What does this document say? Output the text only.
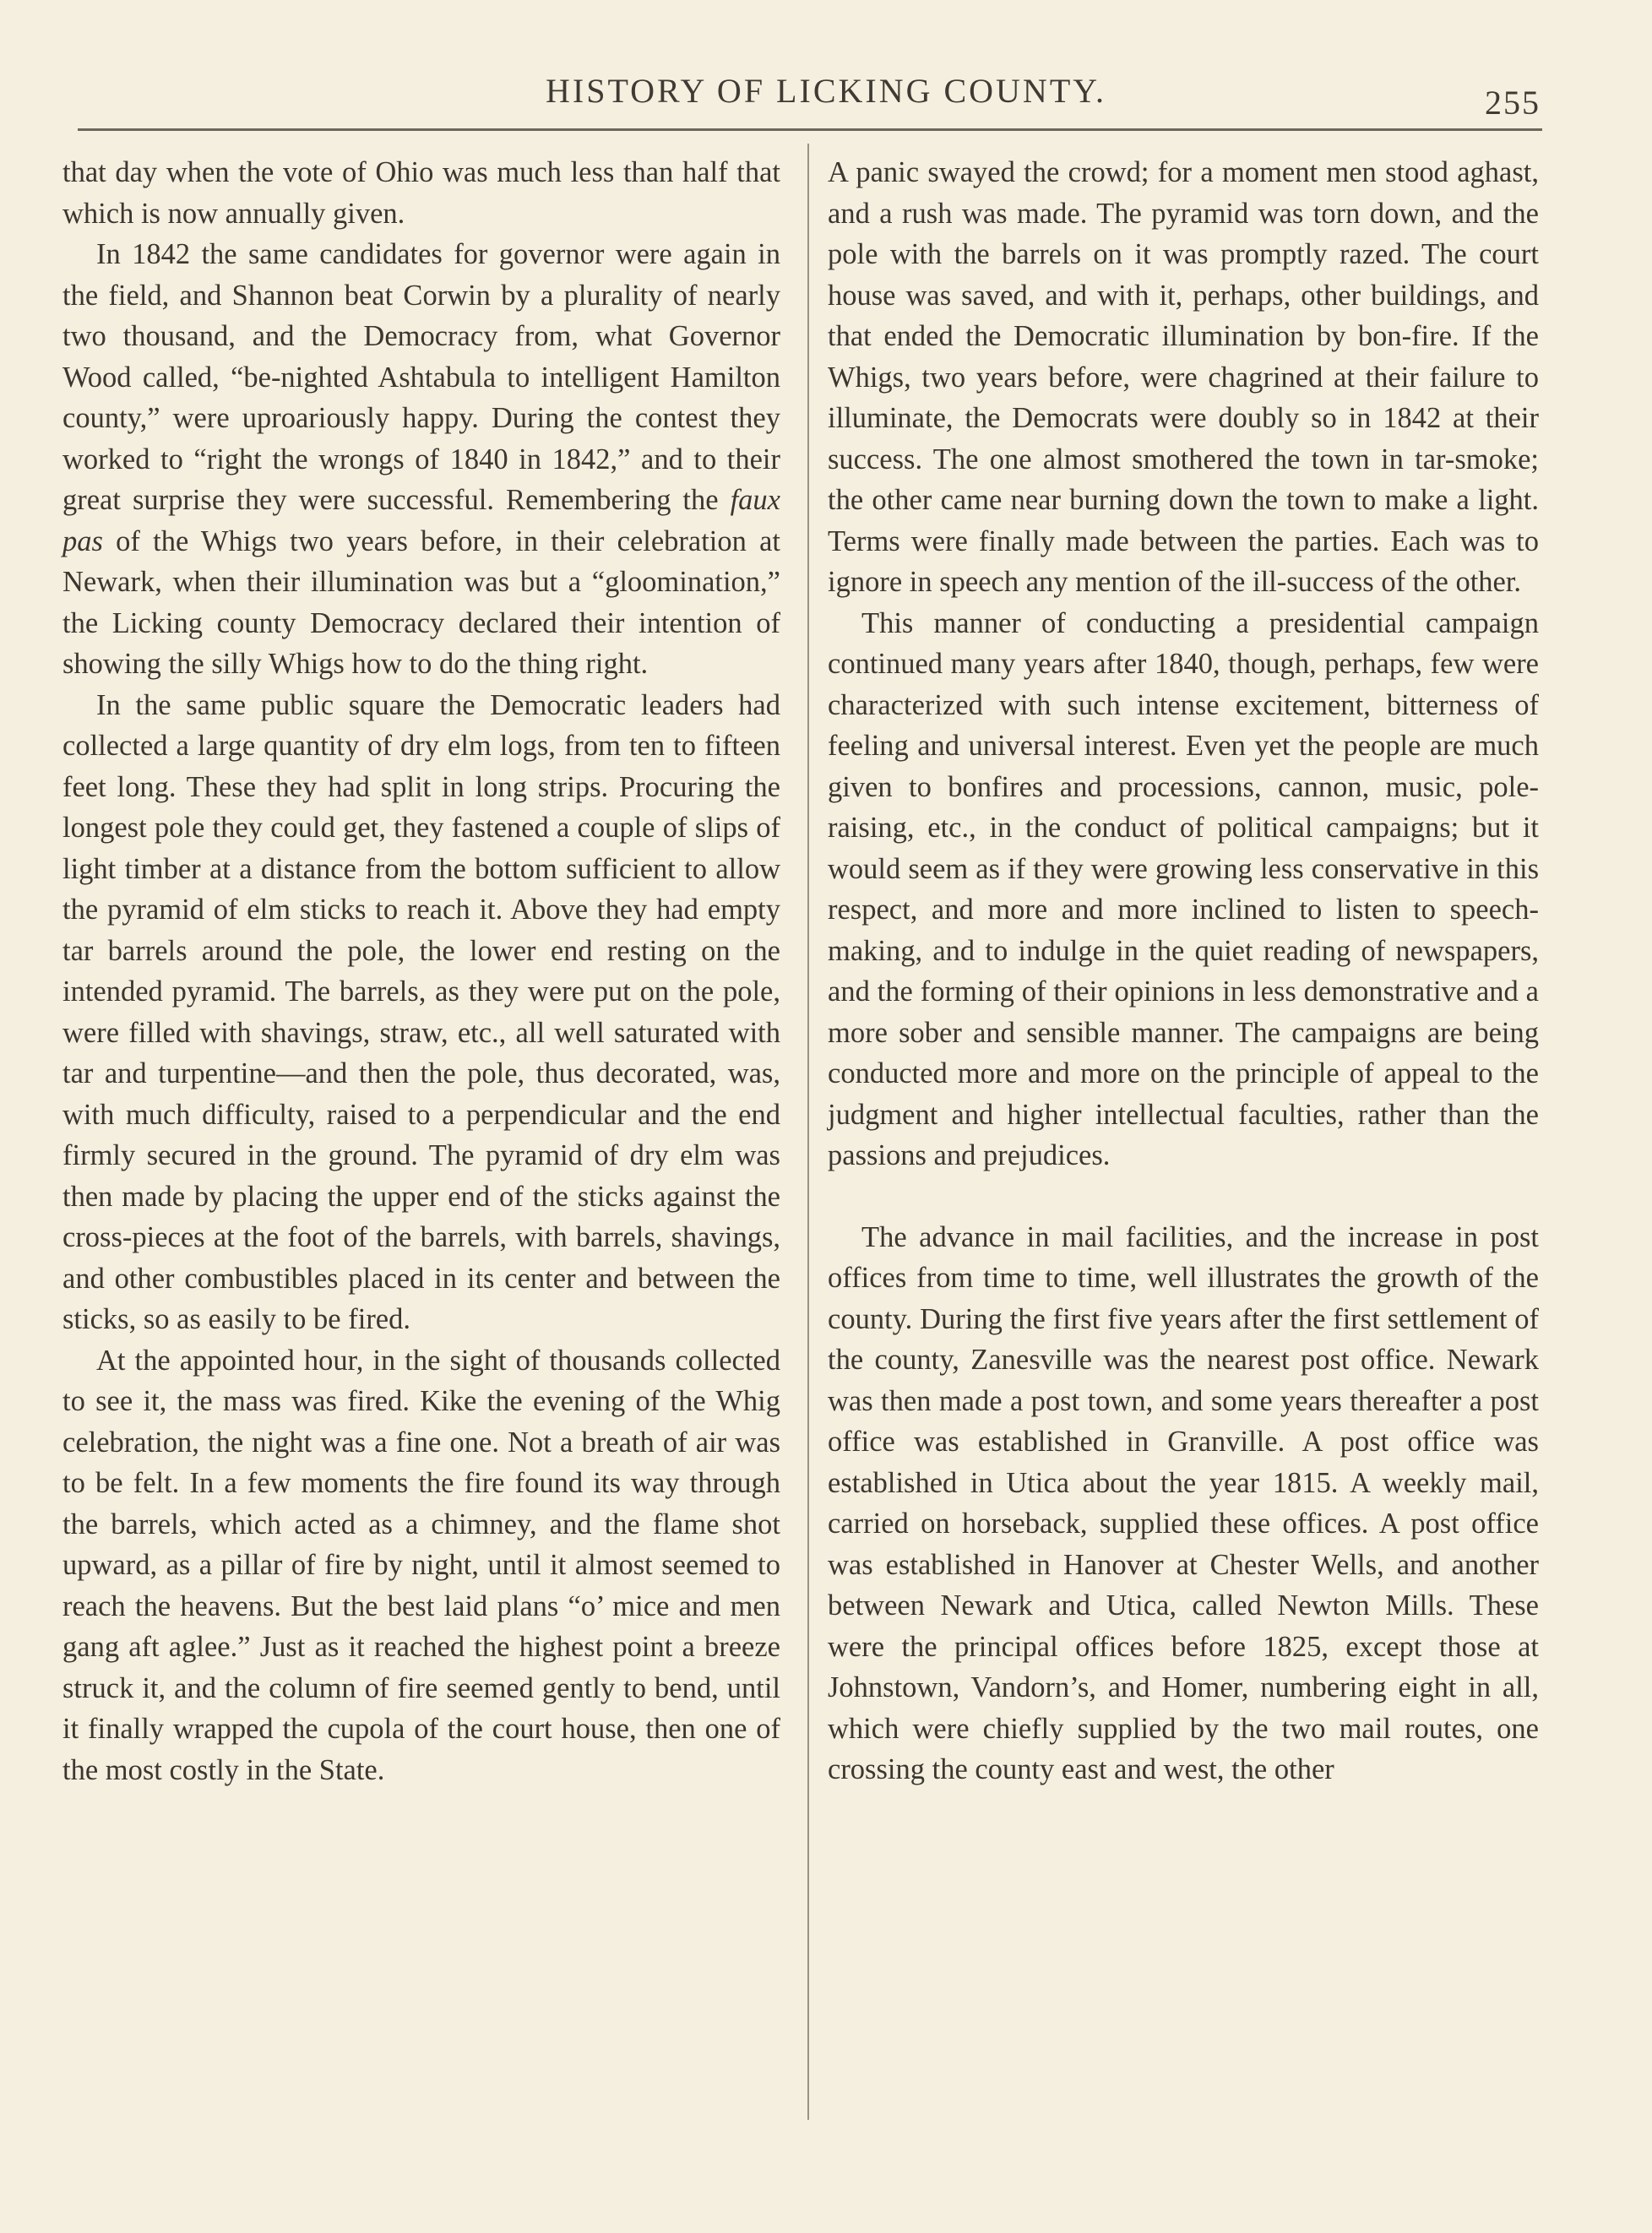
HISTORY OF LICKING COUNTY.	255

that day when the vote of Ohio was much less than half that which is now annually given.

In 1842 the same candidates for governor were again in the field, and Shannon beat Corwin by a plurality of nearly two thousand, and the Democracy from, what Governor Wood called, “be-nighted Ashtabula to intelligent Hamilton county,” were uproariously happy. During the contest they worked to “right the wrongs of 1840 in 1842,” and to their great surprise they were successful. Remembering the faux pas of the Whigs two years before, in their celebration at Newark, when their illumination was but a “gloomination,” the Licking county Democracy declared their intention of showing the silly Whigs how to do the thing right.

In the same public square the Democratic leaders had collected a large quantity of dry elm logs, from ten to fifteen feet long. These they had split in long strips. Procuring the longest pole they could get, they fastened a couple of slips of light timber at a distance from the bottom sufficient to allow the pyramid of elm sticks to reach it. Above they had empty tar barrels around the pole, the lower end resting on the intended pyramid. The barrels, as they were put on the pole, were filled with shavings, straw, etc., all well saturated with tar and turpentine—and then the pole, thus decorated, was, with much difficulty, raised to a perpendicular and the end firmly secured in the ground. The pyramid of dry elm was then made by placing the upper end of the sticks against the cross-pieces at the foot of the barrels, with barrels, shavings, and other combustibles placed in its center and between the sticks, so as easily to be fired.

At the appointed hour, in the sight of thousands collected to see it, the mass was fired. Kike the evening of the Whig celebration, the night was a fine one. Not a breath of air was to be felt. In a few moments the fire found its way through the barrels, which acted as a chimney, and the flame shot upward, as a pillar of fire by night, until it almost seemed to reach the heavens. But the best laid plans “o’ mice and men gang aft aglee.” Just as it reached the highest point a breeze struck it, and the column of fire seemed gently to bend, until it finally wrapped the cupola of the court house, then one of the most costly in the State.

A panic swayed the crowd; for a moment men stood aghast, and a rush was made. The pyramid was torn down, and the pole with the barrels on it was promptly razed. The court house was saved, and with it, perhaps, other buildings, and that ended the Democratic illumination by bon-fire. If the Whigs, two years before, were chagrined at their failure to illuminate, the Democrats were doubly so in 1842 at their success. The one almost smothered the town in tar-smoke; the other came near burning down the town to make a light. Terms were finally made between the parties. Each was to ignore in speech any mention of the ill-success of the other.

This manner of conducting a presidential campaign continued many years after 1840, though, perhaps, few were characterized with such intense excitement, bitterness of feeling and universal interest. Even yet the people are much given to bonfires and processions, cannon, music, pole-raising, etc., in the conduct of political campaigns; but it would seem as if they were growing less conservative in this respect, and more and more inclined to listen to speech-making, and to indulge in the quiet reading of newspapers, and the forming of their opinions in less demonstrative and a more sober and sensible manner. The campaigns are being conducted more and more on the principle of appeal to the judgment and higher intellectual faculties, rather than the passions and prejudices.

The advance in mail facilities, and the increase in post offices from time to time, well illustrates the growth of the county. During the first five years after the first settlement of the county, Zanesville was the nearest post office. Newark was then made a post town, and some years thereafter a post office was established in Granville. A post office was established in Utica about the year 1815. A weekly mail, carried on horseback, supplied these offices. A post office was established in Hanover at Chester Wells, and another between Newark and Utica, called Newton Mills. These were the principal offices before 1825, except those at Johnstown, Vandorn’s, and Homer, numbering eight in all, which were chiefly supplied by the two mail routes, one crossing the county east and west, the other
